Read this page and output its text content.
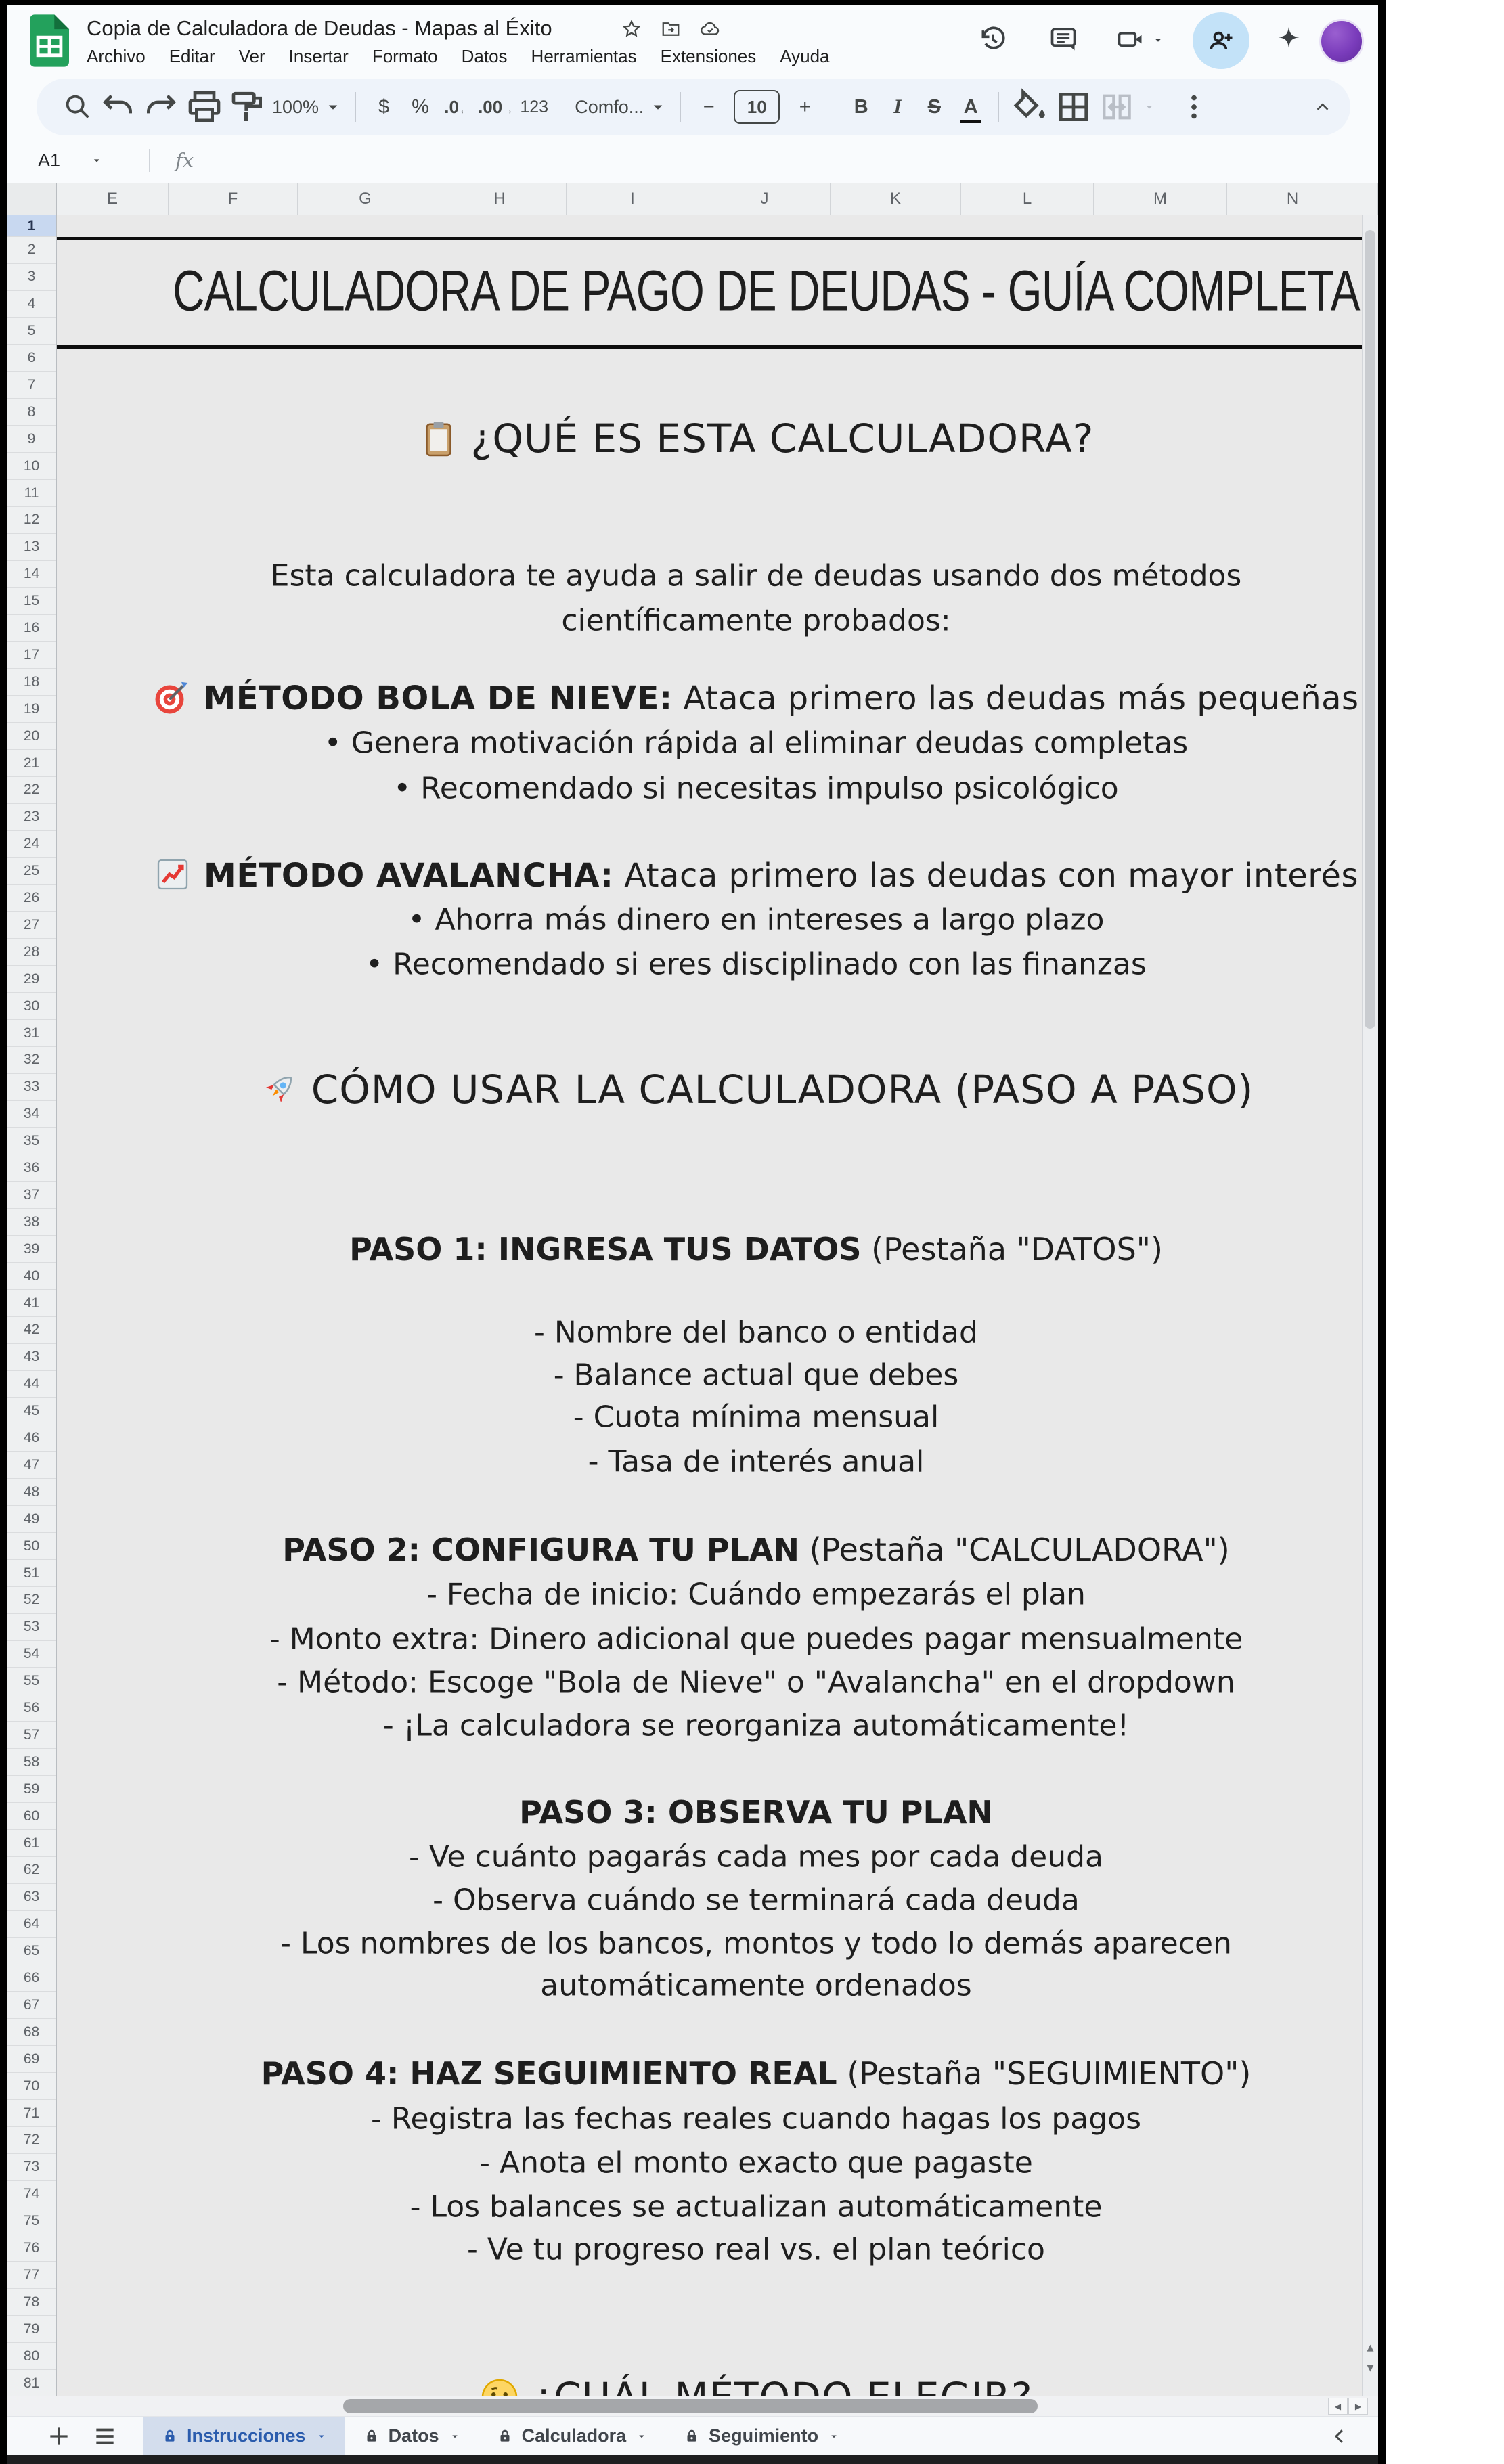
Copia de Calculadora de Deudas - Mapas al Éxito
Archivo Editar Ver Insertar Formato Datos Herramientas Extensiones Ayuda
100%	$	% .0 ← .00 → 123 Comfo...	−	10	+	B	I	S	A
A1	fx
E	F	G	H	I	J	K	L	M	N
1
2
3
4
5
6
7
8
9
10
11
12
13
14
15
16
17
18
19
20
21
22
23
24
25
26
27
28
29
30
31
32
33
34
35
36
37
38
39
40
41
42
43
44
45
46
47
48
49
50
51
52
53
54
55
56
57
58
59
60
61
62
63
64
65
66
67
68
69
70
71
72
73
74
75
76
77
78
79
80
81
CALCULADORA DE PAGO DE DEUDAS - GUÍA COMPLETA
¿QUÉ ES ESTA CALCULADORA?
Esta calculadora te ayuda a salir de deudas usando dos métodos
científicamente probados:
MÉTODO BOLA DE NIEVE: Ataca primero las deudas más pequeñas
• Genera motivación rápida al eliminar deudas completas
• Recomendado si necesitas impulso psicológico
MÉTODO AVALANCHA: Ataca primero las deudas con mayor interés
• Ahorra más dinero en intereses a largo plazo
• Recomendado si eres disciplinado con las finanzas
CÓMO USAR LA CALCULADORA (PASO A PASO)
PASO 1: INGRESA TUS DATOS (Pestaña "DATOS")
- Nombre del banco o entidad
- Balance actual que debes
- Cuota mínima mensual
- Tasa de interés anual
PASO 2: CONFIGURA TU PLAN (Pestaña "CALCULADORA")
- Fecha de inicio: Cuándo empezarás el plan
- Monto extra: Dinero adicional que puedes pagar mensualmente
- Método: Escoge "Bola de Nieve" o "Avalancha" en el dropdown
- ¡La calculadora se reorganiza automáticamente!
PASO 3: OBSERVA TU PLAN
- Ve cuánto pagarás cada mes por cada deuda
- Observa cuándo se terminará cada deuda
- Los nombres de los bancos, montos y todo lo demás aparecen
automáticamente ordenados
PASO 4: HAZ SEGUIMIENTO REAL (Pestaña "SEGUIMIENTO")
- Registra las fechas reales cuando hagas los pagos
- Anota el monto exacto que pagaste
- Los balances se actualizan automáticamente
- Ve tu progreso real vs. el plan teórico
▲
▼
◀	▶
Instrucciones	Datos	Calculadora	Seguimiento
